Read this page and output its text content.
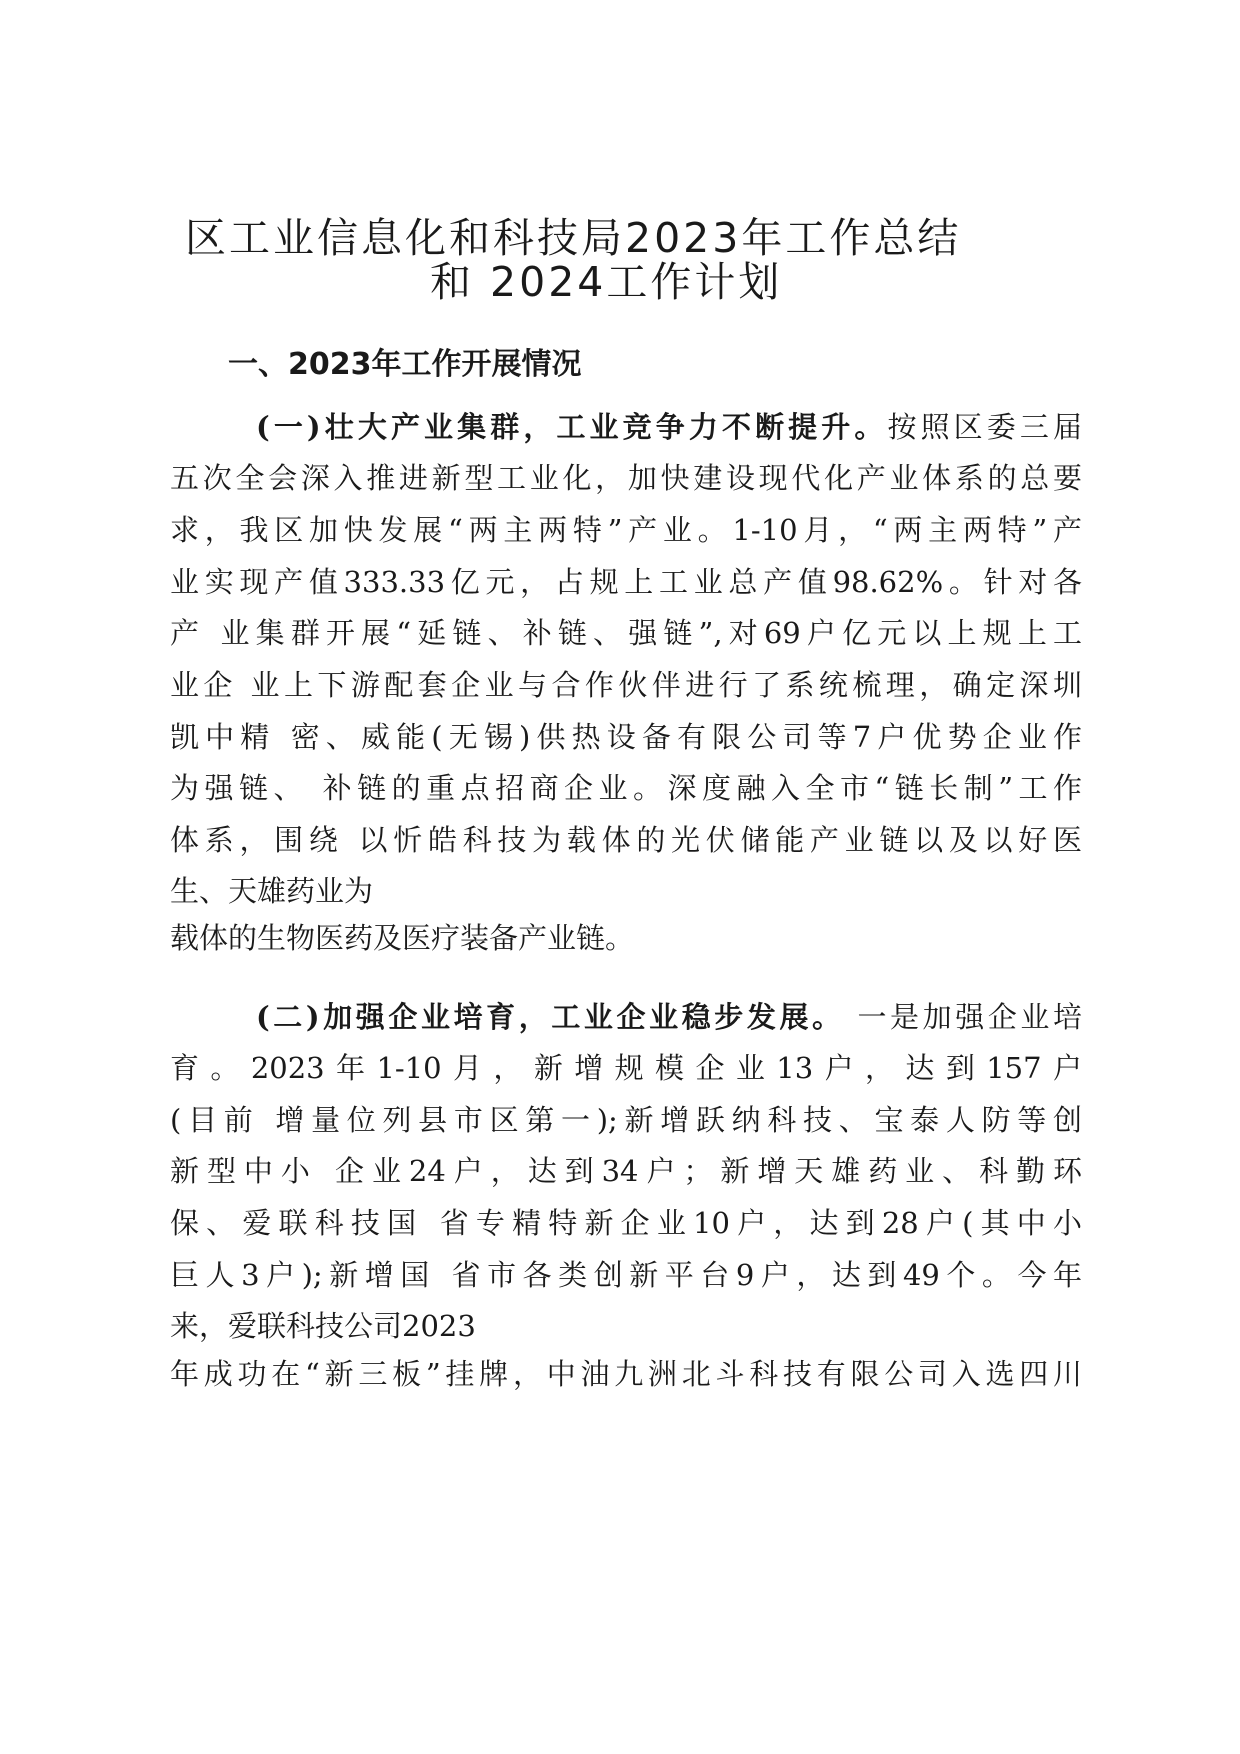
区工业信息化和科技局2023年工作总结
和 2024工作计划
一、2023年工作开展情况
(一)壮大产业集群，工业竞争力不断提升。按照区委三届
五次全会深入推进新型工业化，加快建设现代化产业体系的总要
求，我区加快发展“两主两特”产业。1-10月，“两主两特”产
业实现产值333.33亿元，占规上工业总产值98.62%。针对各
产 业集群开展“延链、补链、强链”,对69户亿元以上规上工
业企 业上下游配套企业与合作伙伴进行了系统梳理，确定深圳
凯中精 密、威能(无锡)供热设备有限公司等7户优势企业作
为强链、 补链的重点招商企业。深度融入全市“链长制”工作
体系，围绕 以忻皓科技为载体的光伏储能产业链以及以好医
生、天雄药业为
载体的生物医药及医疗装备产业链。
(二)加强企业培育，工业企业稳步发展。 一是加强企业培
育。2023年1-10月，新增规模企业13户，达到157户
(目前 增量位列县市区第一);新增跃纳科技、宝泰人防等创
新型中小 企业24户，达到34户；新增天雄药业、科勤环
保、爱联科技国 省专精特新企业10户，达到28户(其中小
巨人3户);新增国 省市各类创新平台9户，达到49个。今年
来，爱联科技公司2023
年成功在“新三板”挂牌，中油九洲北斗科技有限公司入选四川
